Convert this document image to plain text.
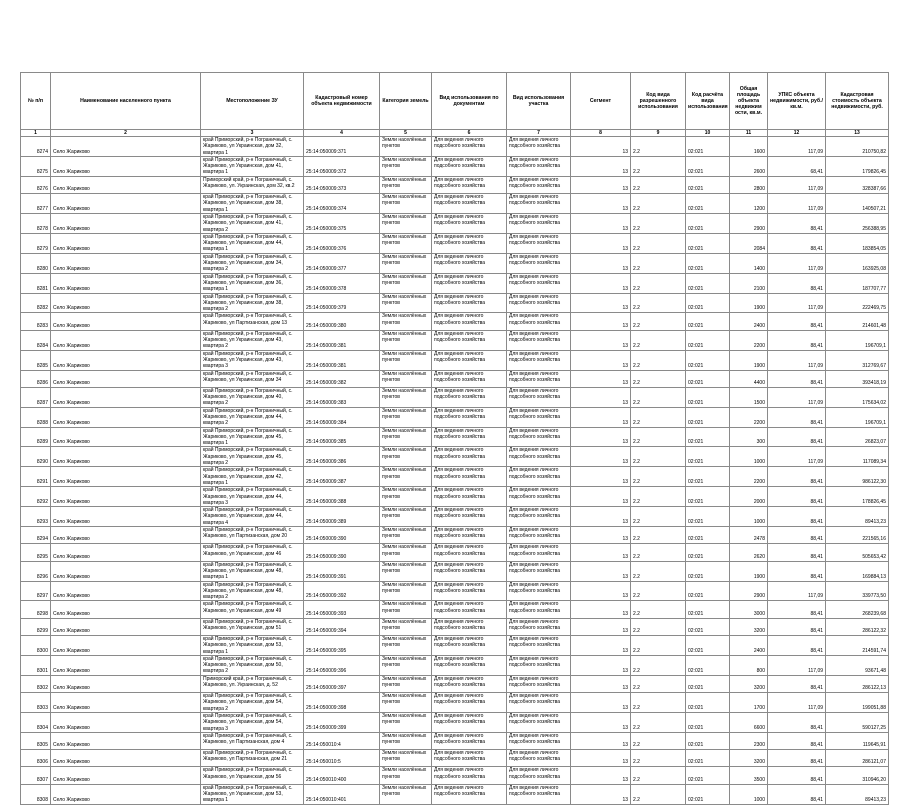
№ п/п	Наименование населенного пункта	Местоположение ЗУ	Кадастровый номер объекта недвижимости	Категория земель	Вид использования по документам	Вид использования участка	Сегмент	Код вида разрешенного использования	Код расчёта вида использования	Общая площадь объекта недвижим ости, кв.м.	УПКС объекта недвижимости, руб./кв.м.	Кадастровая стоимость объекта недвижимости, руб.
1	2	3	4	5	6	7	8	9	10	11	12	13
8274	Село Жариково	край Приморский, р-н Пограничный, с. Жариково, ул Украинская, дом 32, квартира 1	25:14:050009:371	Земли населённых пунктов	Для ведения личного подсобного хозяйства	Для ведения личного подсобного хозяйства	13	2.2	02:021	1600	117,09	210750,82
8275	Село Жариково	край Приморский, р-н Пограничный, с. Жариково, ул Украинская, дом 41, квартира 1	25:14:050009:372	Земли населённых пунктов	Для ведения личного подсобного хозяйства	Для ведения личного подсобного хозяйства	13	2.2	02:021	2600	68,41	179826,45
8276	Село Жариково	Приморский край, р-н Пограничный, с. Жариково, ул. Украинская, дом 32, кв.2	25:14:050009:373	Земли населённых пунктов	Для ведения личного подсобного хозяйства	Для ведения личного подсобного хозяйства	13	2.2	02:021	2800	117,09	328387,66
8277	Село Жариково	край Приморский, р-н Пограничный, с. Жариково, ул Украинская, дом 38, квартира 1	25:14:050009:374	Земли населённых пунктов	Для ведения личного подсобного хозяйства	Для ведения личного подсобного хозяйства	13	2.2	02:021	1200	117,09	140507,21
8278	Село Жариково	край Приморский, р-н Пограничный, с. Жариково, ул Украинская, дом 41, квартира 2	25:14:050009:375	Земли населённых пунктов	Для ведения личного подсобного хозяйства	Для ведения личного подсобного хозяйства	13	2.2	02:021	2900	88,41	256388,95
8279	Село Жариково	край Приморский, р-н Пограничный, с. Жариково, ул Украинская, дом 44, квартира 1	25:14:050009:376	Земли населённых пунктов	Для ведения личного подсобного хозяйства	Для ведения личного подсобного хозяйства	13	2.2	02:021	2084	88,41	183854,05
8280	Село Жариково	край Приморский, р-н Пограничный, с. Жариково, ул Украинская, дом 34, квартира 2	25:14:050009:377	Земли населённых пунктов	Для ведения личного подсобного хозяйства	Для ведения личного подсобного хозяйства	13	2.2	02:021	1400	117,09	163925,08
8281	Село Жариково	край Приморский, р-н Пограничный, с. Жариково, ул Украинская, дом 36, квартира 1	25:14:050009:378	Земли населённых пунктов	Для ведения личного подсобного хозяйства	Для ведения личного подсобного хозяйства	13	2.2	02:021	2100	88,41	187707,77
8282	Село Жариково	край Приморский, р-н Пограничный, с. Жариково, ул Украинская, дом 38, квартира 2	25:14:050009:379	Земли населённых пунктов	Для ведения личного подсобного хозяйства	Для ведения личного подсобного хозяйства	13	2.2	02:021	1900	117,09	222469,75
8283	Село Жариково	край Приморский, р-н Пограничный, с. Жариково, ул Партизанская, дом 13	25:14:050009:380	Земли населённых пунктов	Для ведения личного подсобного хозяйства	Для ведения личного подсобного хозяйства	13	2.2	02:021	2400	88,41	214601,48
8284	Село Жариково	край Приморский, р-н Пограничный, с. Жариково, ул Украинская, дом 43, квартира 2	25:14:050009:381	Земли населённых пунктов	Для ведения личного подсобного хозяйства	Для ведения личного подсобного хозяйства	13	2.2	02:021	2200	88,41	196709,1
8285	Село Жариково	край Приморский, р-н Пограничный, с. Жариково, ул Украинская, дом 43, квартира 3	25:14:050009:381	Земли населённых пунктов	Для ведения личного подсобного хозяйства	Для ведения личного подсобного хозяйства	13	2.2	02:021	1900	117,09	312769,67
8286	Село Жариково	край Приморский, р-н Пограничный, с. Жариково, ул Украинская, дом 34	25:14:050009:382	Земли населённых пунктов	Для ведения личного подсобного хозяйства	Для ведения личного подсобного хозяйства	13	2.2	02:021	4400	88,41	393418,19
8287	Село Жариково	край Приморский, р-н Пограничный, с. Жариково, ул Украинская, дом 40, квартира 2	25:14:050009:383	Земли населённых пунктов	Для ведения личного подсобного хозяйства	Для ведения личного подсобного хозяйства	13	2.2	02:021	1500	117,09	175634,02
8288	Село Жариково	край Приморский, р-н Пограничный, с. Жариково, ул Украинская, дом 44, квартира 2	25:14:050009:384	Земли населённых пунктов	Для ведения личного подсобного хозяйства	Для ведения личного подсобного хозяйства	13	2.2	02:021	2200	88,41	196709,1
8289	Село Жариково	край Приморский, р-н Пограничный, с. Жариково, ул Украинская, дом 45, квартира 1	25:14:050009:385	Земли населённых пунктов	Для ведения личного подсобного хозяйства	Для ведения личного подсобного хозяйства	13	2.2	02:021	300	88,41	26823,07
8290	Село Жариково	край Приморский, р-н Пограничный, с. Жариково, ул Украинская, дом 45, квартира 2	25:14:050009:386	Земли населённых пунктов	Для ведения личного подсобного хозяйства	Для ведения личного подсобного хозяйства	13	2.2	02:021	1000	117,09	117089,34
8291	Село Жариково	край Приморский, р-н Пограничный, с. Жариково, ул Украинская, дом 42, квартира 1	25:14:050009:387	Земли населённых пунктов	Для ведения личного подсобного хозяйства	Для ведения личного подсобного хозяйства	13	2.2	02:021	2200	88,41	986122,30
8292	Село Жариково	край Приморский, р-н Пограничный, с. Жариково, ул Украинская, дом 44, квартира 3	25:14:050009:388	Земли населённых пунктов	Для ведения личного подсобного хозяйства	Для ведения личного подсобного хозяйства	13	2.2	02:021	2000	88,41	178826,45
8293	Село Жариково	край Приморский, р-н Пограничный, с. Жариково, ул Украинская, дом 44, квартира 4	25:14:050009:389	Земли населённых пунктов	Для ведения личного подсобного хозяйства	Для ведения личного подсобного хозяйства	13	2.2	02:021	1000	88,41	89413,23
8294	Село Жариково	край Приморский, р-н Пограничный, с. Жариково, ул Партизанская, дом 20	25:14:050009:390	Земли населённых пунктов	Для ведения личного подсобного хозяйства	Для ведения личного подсобного хозяйства	13	2.2	02:021	2478	88,41	221565,16
8295	Село Жариково	край Приморский, р-н Пограничный, с. Жариково, ул Украинская, дом 46	25:14:050009:390	Земли населённых пунктов	Для ведения личного подсобного хозяйства	Для ведения личного подсобного хозяйства	13	2.2	02:021	2620	88,41	505653,42
8296	Село Жариково	край Приморский, р-н Пограничный, с. Жариково, ул Украинская, дом 48, квартира 1	25:14:050009:391	Земли населённых пунктов	Для ведения личного подсобного хозяйства	Для ведения личного подсобного хозяйства	13	2.2	02:021	1900	88,41	169884,13
8297	Село Жариково	край Приморский, р-н Пограничный, с. Жариково, ул Украинская, дом 48, квартира 2	25:14:050009:392	Земли населённых пунктов	Для ведения личного подсобного хозяйства	Для ведения личного подсобного хозяйства	13	2.2	02:021	2900	117,09	339773,50
8298	Село Жариково	край Приморский, р-н Пограничный, с. Жариково, ул Украинская, дом 49	25:14:050009:393	Земли населённых пунктов	Для ведения личного подсобного хозяйства	Для ведения личного подсобного хозяйства	13	2.2	02:021	3000	88,41	268239,68
8299	Село Жариково	край Приморский, р-н Пограничный, с. Жариково, ул Украинская, дом 51	25:14:050009:394	Земли населённых пунктов	Для ведения личного подсобного хозяйства	Для ведения личного подсобного хозяйства	13	2.2	02:021	3200	88,41	286122,32
8300	Село Жариково	край Приморский, р-н Пограничный, с. Жариково, ул Украинская, дом 53, квартира 1	25:14:050009:395	Земли населённых пунктов	Для ведения личного подсобного хозяйства	Для ведения личного подсобного хозяйства	13	2.2	02:021	2400	88,41	214591,74
8301	Село Жариково	край Приморский, р-н Пограничный, с. Жариково, ул Украинская, дом 50, квартира 2	25:14:050009:396	Земли населённых пунктов	Для ведения личного подсобного хозяйства	Для ведения личного подсобного хозяйства	13	2.2	02:021	800	117,09	93671,48
8302	Село Жариково	Приморский край, р-н Пограничный, с. Жариково, ул. Украинская, д. 52	25:14:050009:397	Земли населённых пунктов	Для ведения личного подсобного хозяйства	Для ведения личного подсобного хозяйства	13	2.2	02:021	3200	88,41	286122,13
8303	Село Жариково	край Приморский, р-н Пограничный, с. Жариково, ул Украинская, дом 54, квартира 2	25:14:050009:398	Земли населённых пунктов	Для ведения личного подсобного хозяйства	Для ведения личного подсобного хозяйства	13	2.2	02:021	1700	117,09	199051,88
8304	Село Жариково	край Приморский, р-н Пограничный, с. Жариково, ул Украинская, дом 54, квартира 3	25:14:050009:399	Земли населённых пунктов	Для ведения личного подсобного хозяйства	Для ведения личного подсобного хозяйства	13	2.2	02:021	6600	88,41	590127,25
8305	Село Жариково	край Приморский, р-н Пограничный, с. Жариково, ул Партизанская, дом 4	25:14:050010:4	Земли населённых пунктов	Для ведения личного подсобного хозяйства	Для ведения личного подсобного хозяйства	13	2.2	02:021	2300	88,41	119645,91
8306	Село Жариково	край Приморский, р-н Пограничный, с. Жариково, ул Партизанская, дом 21	25:14:050010:5	Земли населённых пунктов	Для ведения личного подсобного хозяйства	Для ведения личного подсобного хозяйства	13	2.2	02:021	3200	88,41	286121,07
8307	Село Жариково	край Приморский, р-н Пограничный, с. Жариково, ул Украинская, дом 56	25:14:050010:400	Земли населённых пунктов	Для ведения личного подсобного хозяйства	Для ведения личного подсобного хозяйства	13	2.2	02:021	3500	88,41	310946,20
8308	Село Жариково	край Приморский, р-н Пограничный, с. Жариково, ул Украинская, дом 53, квартира 1	25:14:050010:401	Земли населённых пунктов	Для ведения личного подсобного хозяйства	Для ведения личного подсобного хозяйства	13	2.2	02:021	1000	88,41	89413,23
